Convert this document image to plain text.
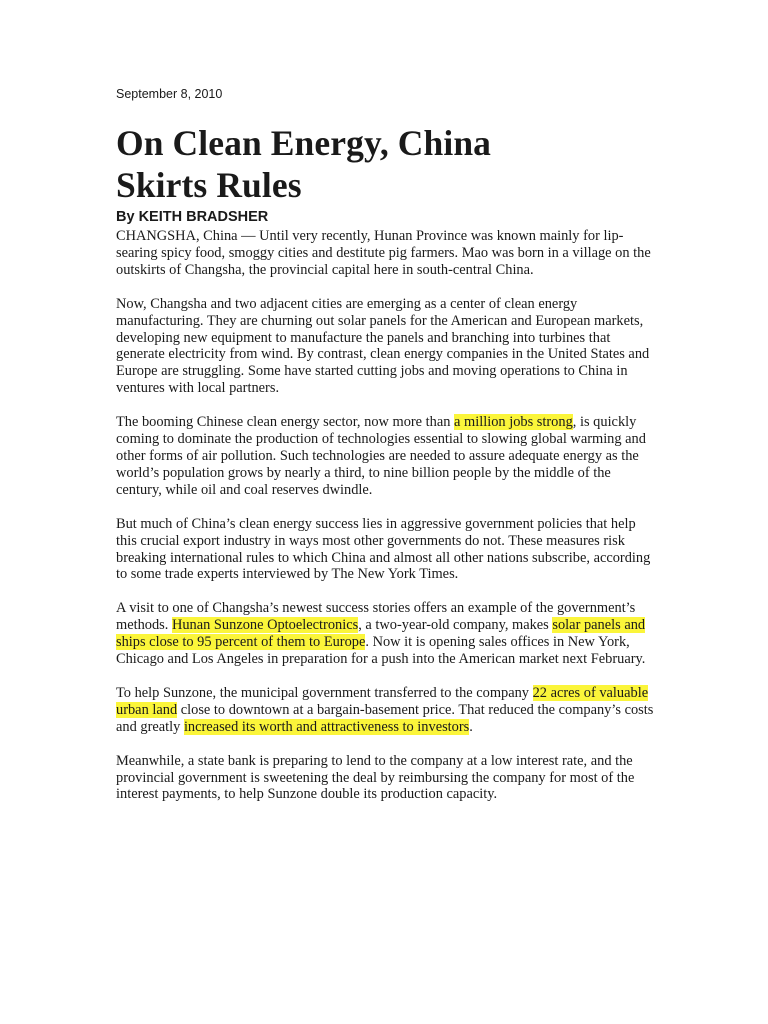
September 8, 2010
On Clean Energy, China
Skirts Rules
By KEITH BRADSHER

CHANGSHA, China — Until very recently, Hunan Province was known mainly for lip-searing spicy food, smoggy cities and destitute pig farmers. Mao was born in a village on the outskirts of Changsha, the provincial capital here in south-central China.

Now, Changsha and two adjacent cities are emerging as a center of clean energy manufacturing. They are churning out solar panels for the American and European markets, developing new equipment to manufacture the panels and branching into turbines that generate electricity from wind. By contrast, clean energy companies in the United States and Europe are struggling. Some have started cutting jobs and moving operations to China in ventures with local partners.

The booming Chinese clean energy sector, now more than a million jobs strong, is quickly coming to dominate the production of technologies essential to slowing global warming and other forms of air pollution. Such technologies are needed to assure adequate energy as the world’s population grows by nearly a third, to nine billion people by the middle of the century, while oil and coal reserves dwindle.

But much of China’s clean energy success lies in aggressive government policies that help this crucial export industry in ways most other governments do not. These measures risk breaking international rules to which China and almost all other nations subscribe, according to some trade experts interviewed by The New York Times.

A visit to one of Changsha’s newest success stories offers an example of the government’s methods. Hunan Sunzone Optoelectronics, a two-year-old company, makes solar panels and ships close to 95 percent of them to Europe. Now it is opening sales offices in New York, Chicago and Los Angeles in preparation for a push into the American market next February.

To help Sunzone, the municipal government transferred to the company 22 acres of valuable urban land close to downtown at a bargain-basement price. That reduced the company’s costs and greatly increased its worth and attractiveness to investors.

Meanwhile, a state bank is preparing to lend to the company at a low interest rate, and the provincial government is sweetening the deal by reimbursing the company for most of the interest payments, to help Sunzone double its production capacity.
